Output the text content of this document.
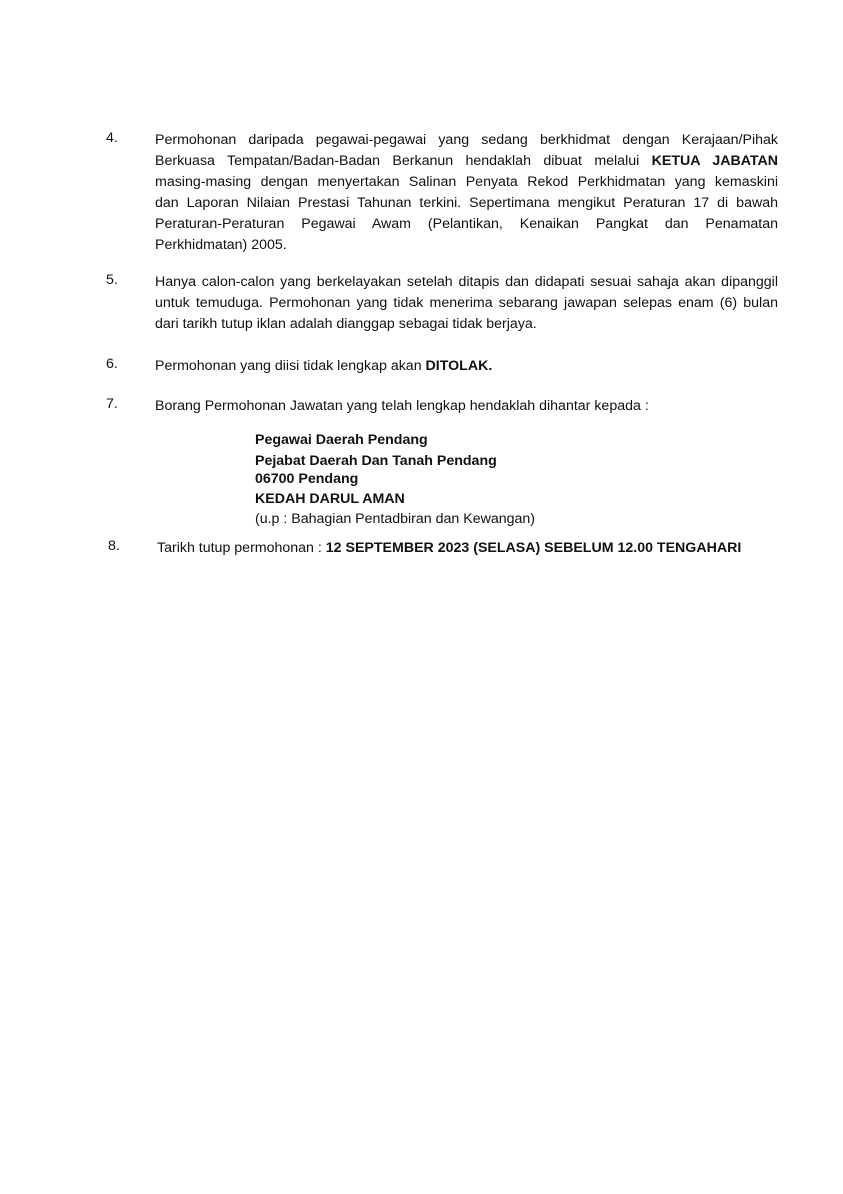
4.	Permohonan daripada pegawai-pegawai yang sedang berkhidmat dengan Kerajaan/Pihak
Berkuasa Tempatan/Badan-Badan Berkanun hendaklah dibuat melalui KETUA JABATAN
masing-masing dengan menyertakan Salinan Penyata Rekod Perkhidmatan yang kemaskini
dan Laporan Nilaian Prestasi Tahunan terkini. Sepertimana mengikut Peraturan 17 di bawah
Peraturan-Peraturan Pegawai Awam (Pelantikan, Kenaikan Pangkat dan Penamatan
Perkhidmatan) 2005.
5.	Hanya calon-calon yang berkelayakan setelah ditapis dan didapati sesuai sahaja akan dipanggil
untuk temuduga. Permohonan yang tidak menerima sebarang jawapan selepas enam (6) bulan
dari tarikh tutup iklan adalah dianggap sebagai tidak berjaya.
6.	Permohonan yang diisi tidak lengkap akan DITOLAK.
7.	Borang Permohonan Jawatan yang telah lengkap hendaklah dihantar kepada :
Pegawai Daerah Pendang
Pejabat Daerah Dan Tanah Pendang
06700 Pendang
KEDAH DARUL AMAN
(u.p : Bahagian Pentadbiran dan Kewangan)
8.	Tarikh tutup permohonan : 12 SEPTEMBER 2023 (SELASA) SEBELUM 12.00 TENGAHARI
